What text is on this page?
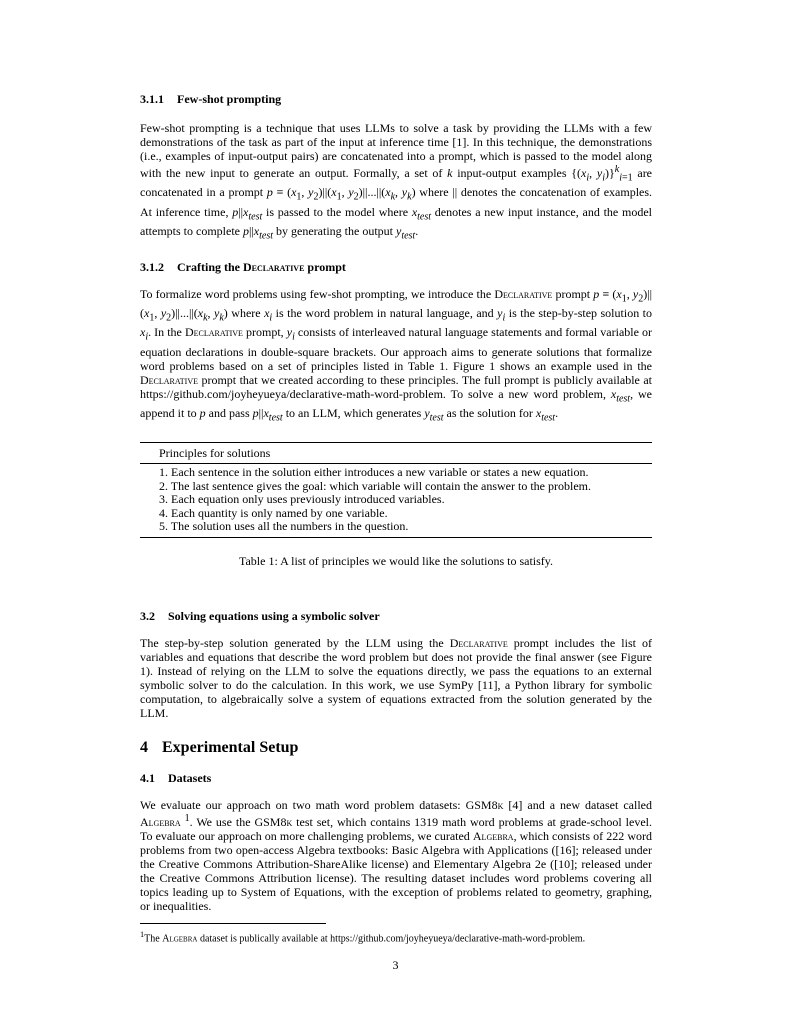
3.1.1 Few-shot prompting

Few-shot prompting is a technique that uses LLMs to solve a task by providing the LLMs with a few demonstrations of the task as part of the input at inference time [1]. In this technique, the demonstrations (i.e., examples of input-output pairs) are concatenated into a prompt, which is passed to the model along with the new input to generate an output. Formally, a set of k input-output examples {($x_i$, $y_i)\}^k_{i=1}$ are concatenated in a prompt $p \equiv (x_1$, $y_2)||(x_1$, $y_2)||...||(x_k$, $y_k$) where || denotes the concatenation of examples. At inference time, $p||x_{test}$ is passed to the model where $x_{test}$ denotes a new input instance, and the model attempts to complete $p||x_{test}$ by generating the output $y_{test}$.

3.1.2 Crafting the Declarative prompt

To formalize word problems using few-shot prompting, we introduce the Declarative prompt $p \equiv (x_1$, $y_2)||(x_1$, $y_2)||...||(x_k$, $y_k$) where $x_i$ is the word problem in natural language, and $y_i$ is the step-by-step solution to $x_i$. In the Declarative prompt, $y_i$ consists of interleaved natural language statements and formal variable or equation declarations in double-square brackets. Our approach aims to generate solutions that formalize word problems based on a set of principles listed in Table 1. Figure 1 shows an example used in the Declarative prompt that we created according to these principles. The full prompt is publicly available at https://github.com/joyheyueya/declarative-math-word-problem. To solve a new word problem, $x_{test}$, we append it to p and pass $p||x_{test}$ to an LLM, which generates $y_{test}$ as the solution for $x_{test}$.

Principles for solutions
1. Each sentence in the solution either introduces a new variable or states a new equation.
2. The last sentence gives the goal: which variable will contain the answer to the problem.
3. Each equation only uses previously introduced variables.
4. Each quantity is only named by one variable.
5. The solution uses all the numbers in the question.
Table 1: A list of principles we would like the solutions to satisfy.
3.2 Solving equations using a symbolic solver

The step-by-step solution generated by the LLM using the Declarative prompt includes the list of variables and equations that describe the word problem but does not provide the final answer (see Figure 1). Instead of relying on the LLM to solve the equations directly, we pass the equations to an external symbolic solver to do the calculation. In this work, we use SymPy [11], a Python library for symbolic computation, to algebraically solve a system of equations extracted from the solution generated by the LLM.

4 Experimental Setup
4.1 Datasets

We evaluate our approach on two math word problem datasets: GSM8k [4] and a new dataset called Algebra $^1$. We use the GSM8k test set, which contains 1319 math word problems at grade-school level. To evaluate our approach on more challenging problems, we curated Algebra, which consists of 222 word problems from two open-access Algebra textbooks: Basic Algebra with Applications ([16]; released under the Creative Commons Attribution-ShareAlike license) and Elementary Algebra 2e ([10]; released under the Creative Commons Attribution license). The resulting dataset includes word problems covering all topics leading up to System of Equations, with the exception of problems related to geometry, graphing, or inequalities.

$^1$The Algebra dataset is publically available at https://github.com/joyheyueya/declarative-math-word-problem.

3
